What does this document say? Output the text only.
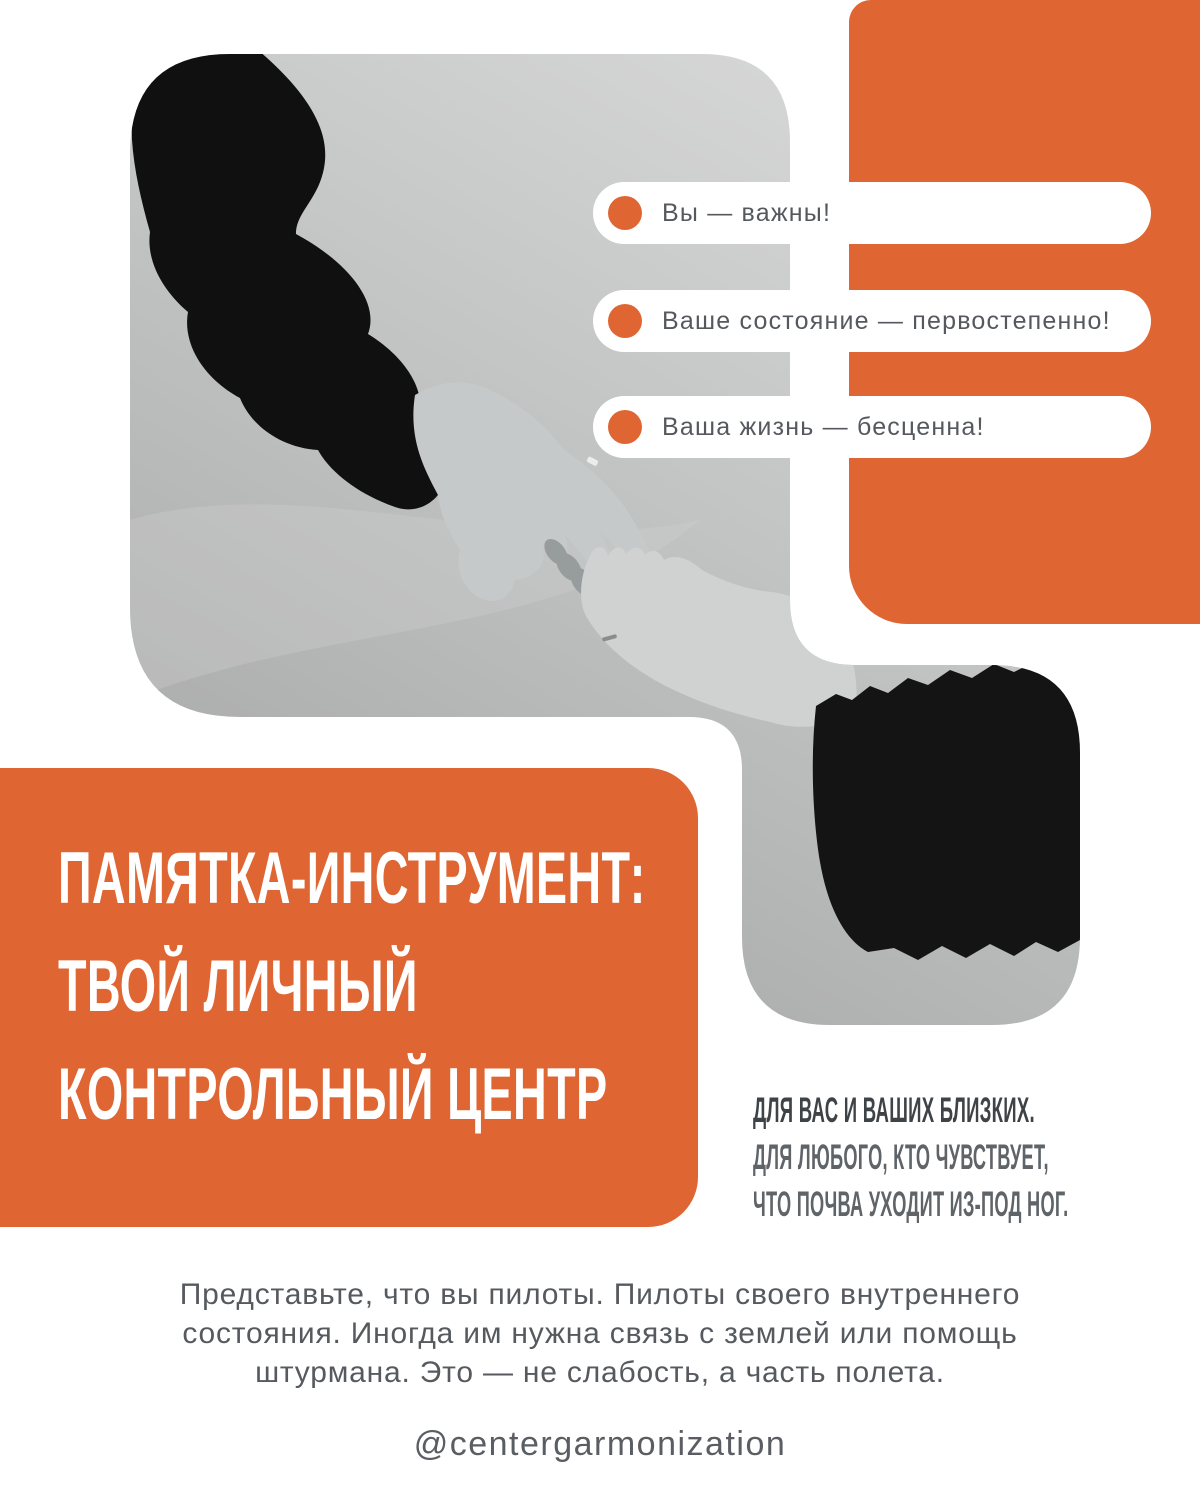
Вы — важны!
Ваше состояние — первостепенно!
Ваша жизнь — бесценна!
ПАМЯТКА-ИНСТРУМЕНТ:
ТВОЙ ЛИЧНЫЙ
КОНТРОЛЬНЫЙ ЦЕНТР	ДЛЯ ВАС И ВАШИХ БЛИЗКИХ.
ДЛЯ ЛЮБОГО, КТО ЧУВСТВУЕТ,
ЧТО ПОЧВА УХОДИТ ИЗ-ПОД НОГ.
Представьте, что вы пилоты. Пилоты своего внутреннего
состояния. Иногда им нужна связь с землей или помощь
штурмана. Это — не слабость, а часть полета.
@centergarmonization
